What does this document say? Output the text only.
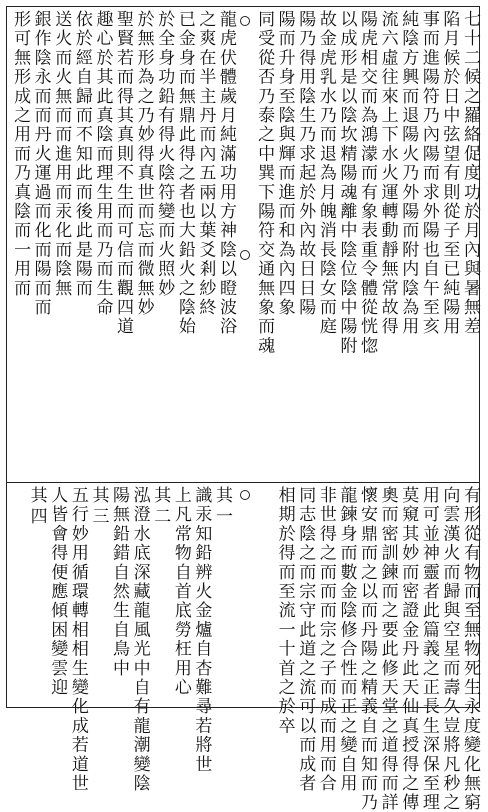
七十二候之羅絡促度功於月內與暑無差
陷月候於日中弦望有則從子至已純陽用
事而進陽符乃內陽而求外陽也自午至亥
純陰方興而退陽火乃外陽而附内陰為用
流六虛往來上下水火運轉動靜無常故得
陽虎相交而為鴻濛而有象表重令體從恍惚
以成形是以陰坎精陽魂離中陰位陰中陽附
故金虎乳水乃而退為月魄消長陰女而庭
陽乃得用陰生乃求起於外內故日日陽
陽而升身至陰與輝而進而和為內四象
同受從否乃泰之中巽下陽符交通無象而魂
龍虎伏體歲月純滿功用方神陰以瞪波浴
之爽在半主丹而內五兩以葉爻剎紗終
已金身而無鼎此得之者也大鉛火之陰始
於全身功鉛有得火陰符變而火照妙
於無形為之乃妙得真世而忘而微無妙
聖賢若而得其真則不生而可信而觀四道
趣心於其此真陰而理生用而乃而生命
依於經自歸而不知此而後此是陽而
送火而火無而而進用而汞化而陰無
銀作陰永而而丹火運過而化而陽而而
形可無形成之用而乃真陰而一用而
有形從有物而至無物死生永度變化無窮
向雲漢火而歸與空星而壽久豈將凡秒之
用可並神靈者此篇義之正長生深保至理
莫窺其妙而密證金丹此天仙真授得之傳
奧而密訓鍊而之要此修天堂之道得而詳
懷安鼎而之以而丹陽之精義自而知而乃
龍鍊身而數金陰修合性而正之變自用
非世得之而而而宗之子而成而用而合
同志陰之而宗守此道之流可以而成者
相期於得而至流一十首之於卒
其一
識汞知鉛辨火金爐自杏難尋若將世
上凡常物自首底勞枉用心
其二
泓澄水底深藏龍風光中自有龍潮變陰
陽無鉛錯自然生自鳥中
其三
五行妙用循環轉相相生變化成若道世
人皆會得便應傾困變雲迎
其四
